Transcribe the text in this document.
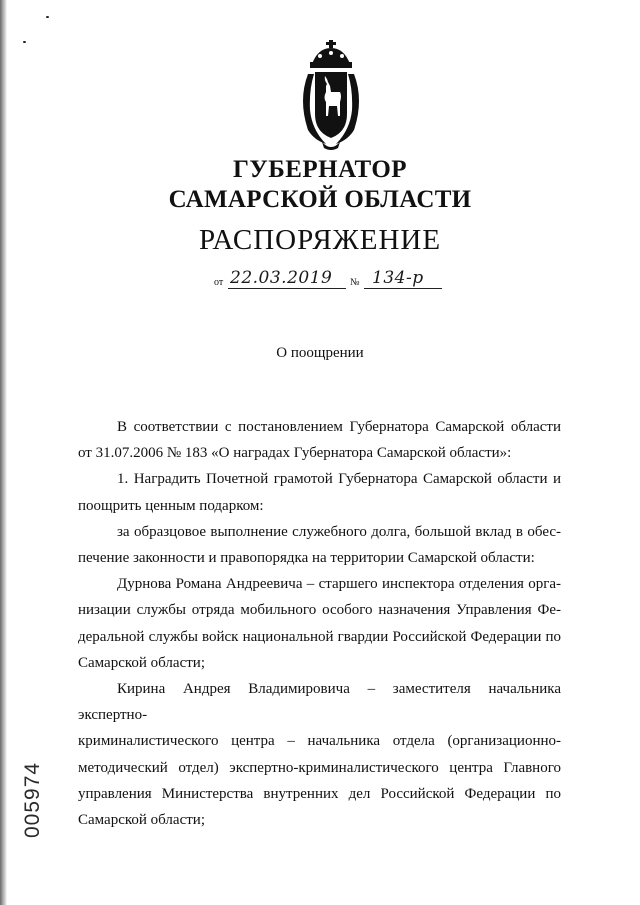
ГУБЕРНАТОР
САМАРСКОЙ ОБЛАСТИ
РАСПОРЯЖЕНИЕ
от 22.03.2019 № 134-р
О поощрении

В соответствии с постановлением Губернатора Самарской области

от 31.07.2006 № 183 «О наградах Губернатора Самарской области»:

1. Наградить Почетной грамотой Губернатора Самарской области и

поощрить ценным подарком:

за образцовое выполнение служебного долга, большой вклад в обес-

печение законности и правопорядка на территории Самарской области:

Дурнова Романа Андреевича – старшего инспектора отделения орга-

низации службы отряда мобильного особого назначения Управления Фе-

деральной службы войск национальной гвардии Российской Федерации по

Самарской области;

Кирина Андрея Владимировича – заместителя начальника экспертно-

криминалистического центра – начальника отдела (организационно-

методический отдел) экспертно-криминалистического центра Главного

управления Министерства внутренних дел Российской Федерации по

Самарской области;

005974
